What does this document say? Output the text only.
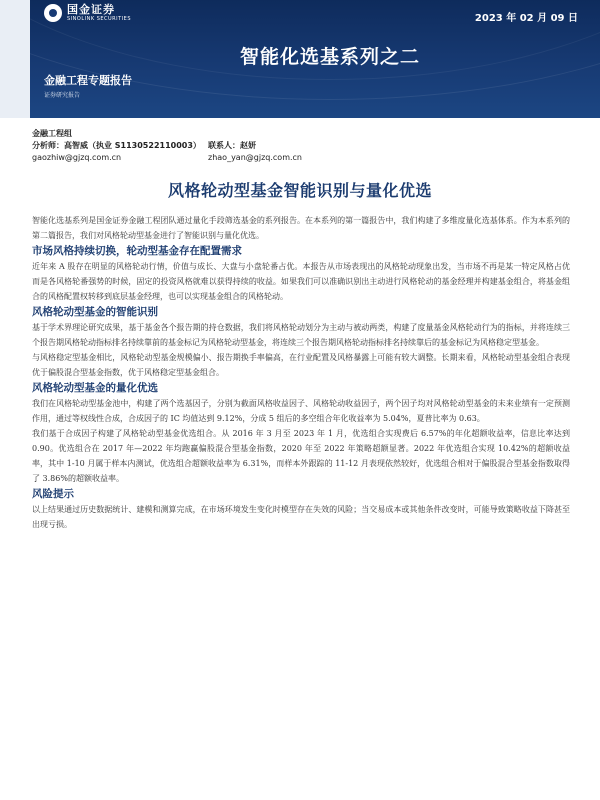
国金证券
SINOLINK SECURITIES	2023 年 02 月 09 日
智能化选基系列之二
金融工程专题报告
证券研究报告
金融工程组
分析师：高智威（执业 S1130522110003） 联系人：赵妍
gaozhiw@gjzq.com.cn	zhao_yan@gjzq.com.cn
风格轮动型基金智能识别与量化优选

智能化选基系列是国金证券金融工程团队通过量化手段筛选基金的系列报告。在本系列的第一篇报告中，我们构建了多维度量化选基体系。作为本系列的第二篇报告，我们对风格轮动型基金进行了智能识别与量化优选。

市场风格持续切换，轮动型基金存在配置需求

近年来 A 股存在明显的风格轮动行情，价值与成长、大盘与小盘轮番占优。本报告从市场表现出的风格轮动现象出发，当市场不再是某一特定风格占优而是各风格轮番强势的时候，固定的投资风格就难以获得持续的收益。如果我们可以准确识别出主动进行风格轮动的基金经理并构建基金组合，将基金组合的风格配置权转移到底层基金经理，也可以实现基金组合的风格轮动。

风格轮动型基金的智能识别

基于学术界理论研究成果，基于基金各个报告期的持仓数据，我们将风格轮动划分为主动与被动两类，构建了度量基金风格轮动行为的指标，并将连续三个报告期风格轮动指标排名持续靠前的基金标记为风格轮动型基金，将连续三个报告期风格轮动指标排名持续靠后的基金标记为风格稳定型基金。

与风格稳定型基金相比，风格轮动型基金规模偏小、报告期换手率偏高，在行业配置及风格暴露上可能有较大调整。长期来看，风格轮动型基金组合表现优于偏股混合型基金指数，优于风格稳定型基金组合。

风格轮动型基金的量化优选

我们在风格轮动型基金池中，构建了两个选基因子，分别为截面风格收益因子、风格轮动收益因子，两个因子均对风格轮动型基金的未来业绩有一定预测作用，通过等权线性合成，合成因子的 IC 均值达到 9.12%，分成 5 组后的多空组合年化收益率为 5.04%，夏普比率为 0.63。

我们基于合成因子构建了风格轮动型基金优选组合。从 2016 年 3 月至 2023 年 1 月，优选组合实现费后 6.57%的年化超额收益率，信息比率达到 0.90。优选组合在 2017 年—2022 年均跑赢偏股混合型基金指数，2020 年至 2022 年策略超额显著。2022 年优选组合实现 10.42%的超额收益率，其中 1-10 月属于样本内测试，优选组合超额收益率为 6.31%，而样本外跟踪的 11-12 月表现依然较好，优选组合相对于偏股混合型基金指数取得了 3.86%的超额收益率。

风险提示

以上结果通过历史数据统计、建模和测算完成，在市场环境发生变化时模型存在失效的风险；当交易成本或其他条件改变时，可能导致策略收益下降甚至出现亏损。
